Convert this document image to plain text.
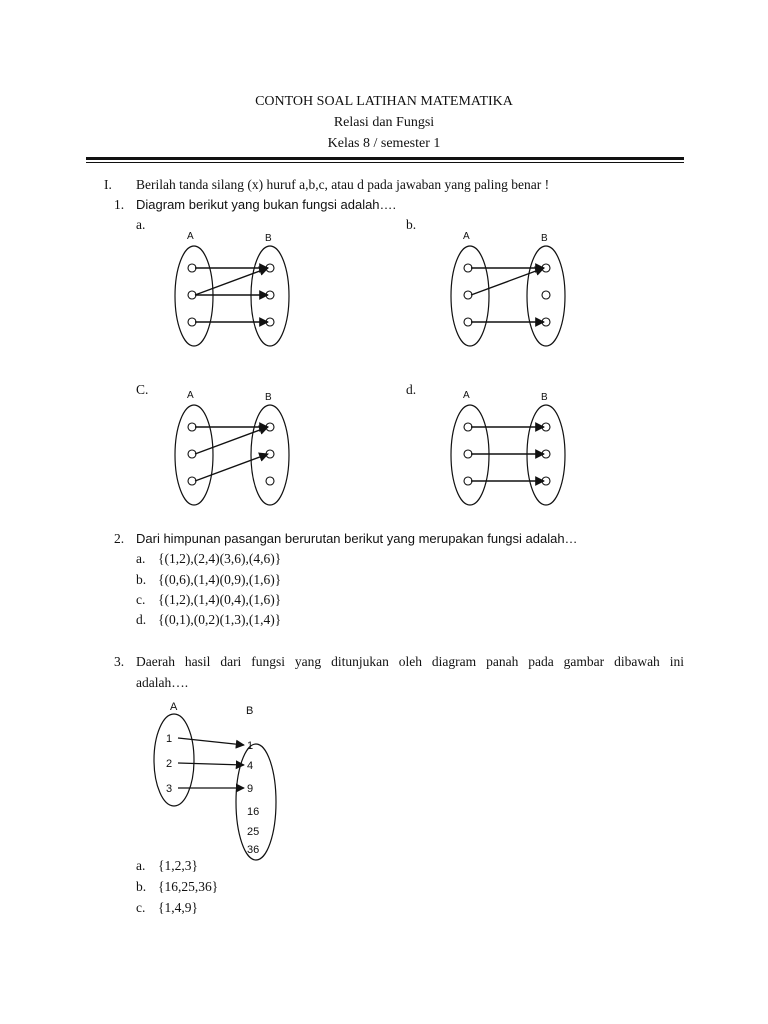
CONTOH SOAL LATIHAN MATEMATIKA
Relasi dan Fungsi
Kelas 8 / semester 1
I. Berilah tanda silang (x) huruf a,b,c, atau d pada jawaban yang paling benar !
1. Diagram berikut yang bukan fungsi adalah….
a.	b.
C.	d.
A	B	A	B
A	B	A	B
2. Dari himpunan pasangan berurutan berikut yang merupakan fungsi adalah…
a. {(1,2),(2,4)(3,6),(4,6)}
b. {(0,6),(1,4)(0,9),(1,6)}
c. {(1,2),(1,4)(0,4),(1,6)}
d. {(0,1),(0,2)(1,3),(1,4)}
3. Daerah hasil dari fungsi yang ditunjukan oleh diagram panah pada gambar dibawah ini
adalah….
A	B
1
2
3
1
4
9
16
25
36
a. {1,2,3}
b. {16,25,36}
c. {1,4,9}
